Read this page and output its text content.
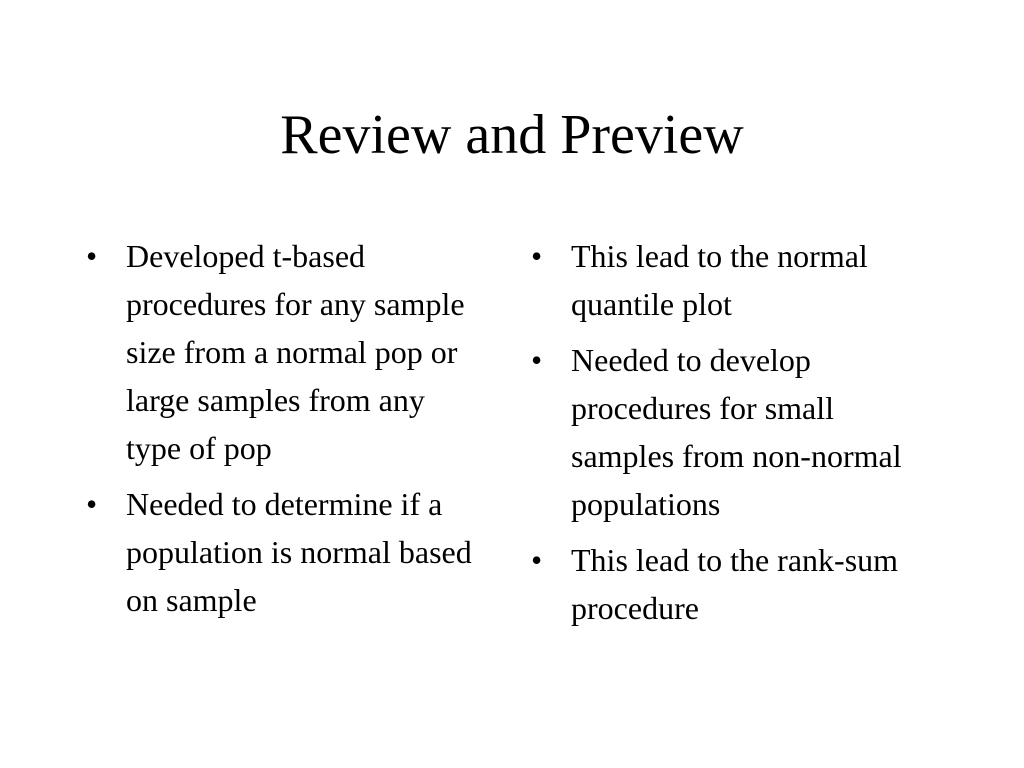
Review and Preview
• Developed t-based procedures for any sample size from a normal pop or large samples from any type of pop
• Needed to determine if a population is normal based on sample
• This lead to the normal quantile plot
• Needed to develop procedures for small samples from non-normal populations
• This lead to the rank-sum procedure
